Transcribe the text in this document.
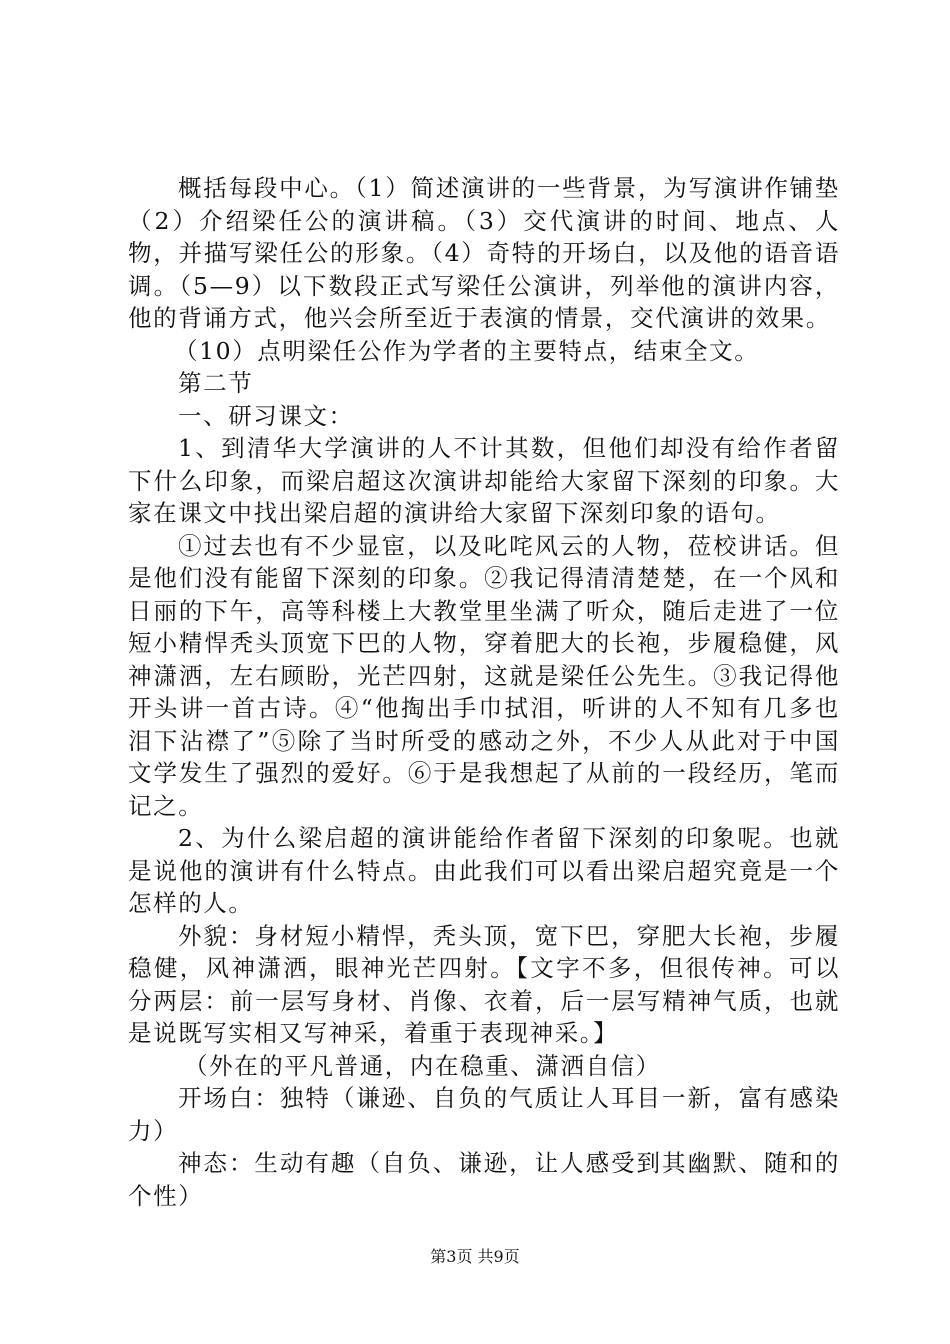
概括每段中心。（1）简述演讲的一些背景，为写演讲作铺垫（2）介绍梁任公的演讲稿。（3）交代演讲的时间、地点、人物，并描写梁任公的形象。（4）奇特的开场白，以及他的语音语调。（5—9）以下数段正式写梁任公演讲，列举他的演讲内容，他的背诵方式，他兴会所至近于表演的情景，交代演讲的效果。

（10）点明梁任公作为学者的主要特点，结束全文。

第二节

一、研习课文：

1、到清华大学演讲的人不计其数，但他们却没有给作者留下什么印象，而梁启超这次演讲却能给大家留下深刻的印象。大家在课文中找出梁启超的演讲给大家留下深刻印象的语句。

①过去也有不少显宦，以及叱咤风云的人物，莅校讲话。但是他们没有能留下深刻的印象。②我记得清清楚楚，在一个风和日丽的下午，高等科楼上大教堂里坐满了听众，随后走进了一位短小精悍秃头顶宽下巴的人物，穿着肥大的长袍，步履稳健，风神潇洒，左右顾盼，光芒四射，这就是梁任公先生。③我记得他开头讲一首古诗。④“他掏出手巾拭泪，听讲的人不知有几多也泪下沾襟了”⑤除了当时所受的感动之外，不少人从此对于中国文学发生了强烈的爱好。⑥于是我想起了从前的一段经历，笔而记之。

2、为什么梁启超的演讲能给作者留下深刻的印象呢。也就是说他的演讲有什么特点。由此我们可以看出梁启超究竟是一个怎样的人。

外貌：身材短小精悍，秃头顶，宽下巴，穿肥大长袍，步履稳健，风神潇洒，眼神光芒四射。【文字不多，但很传神。可以分两层：前一层写身材、肖像、衣着，后一层写精神气质，也就是说既写实相又写神采，着重于表现神采。】

（外在的平凡普通，内在稳重、潇洒自信）

开场白：独特（谦逊、自负的气质让人耳目一新，富有感染力）

神态：生动有趣（自负、谦逊，让人感受到其幽默、随和的个性）

第3页 共9页
